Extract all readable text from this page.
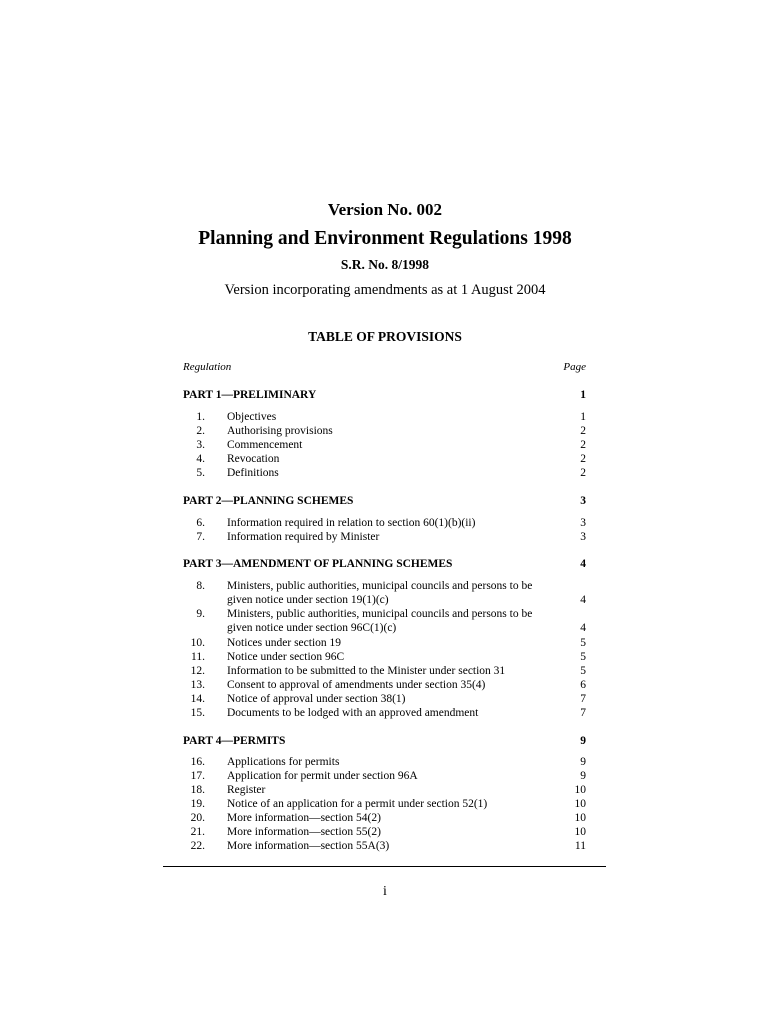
Version No. 002
Planning and Environment Regulations 1998
S.R. No. 8/1998
Version incorporating amendments as at 1 August 2004
TABLE OF PROVISIONS
Regulation	Page
PART 1—PRELIMINARY	1
1. Objectives	1
2. Authorising provisions	2
3. Commencement	2
4. Revocation	2
5. Definitions	2
PART 2—PLANNING SCHEMES	3
6. Information required in relation to section 60(1)(b)(ii)	3
7. Information required by Minister	3
PART 3—AMENDMENT OF PLANNING SCHEMES	4
8. Ministers, public authorities, municipal councils and persons to be given notice under section 19(1)(c)	4
9. Ministers, public authorities, municipal councils and persons to be given notice under section 96C(1)(c)	4
10. Notices under section 19	5
11. Notice under section 96C	5
12. Information to be submitted to the Minister under section 31	5
13. Consent to approval of amendments under section 35(4)	6
14. Notice of approval under section 38(1)	7
15. Documents to be lodged with an approved amendment	7
PART 4—PERMITS	9
16. Applications for permits	9
17. Application for permit under section 96A	9
18. Register	10
19. Notice of an application for a permit under section 52(1)	10
20. More information—section 54(2)	10
21. More information—section 55(2)	10
22. More information—section 55A(3)	11
i
